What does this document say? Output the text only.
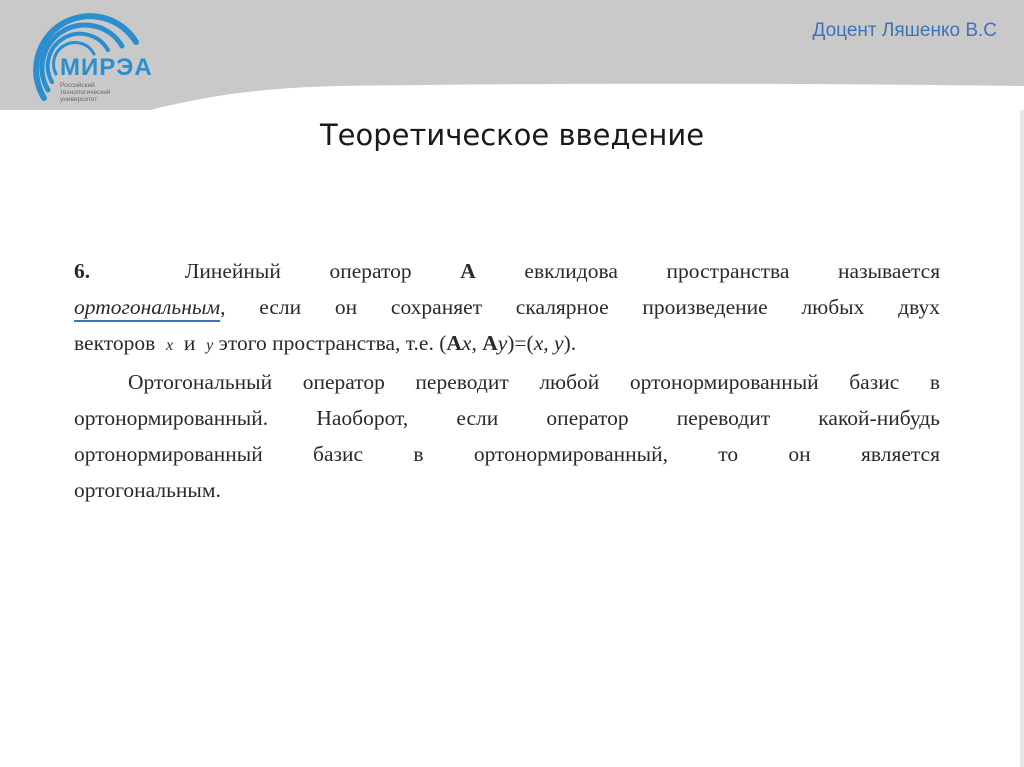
МИРЭА
Российский
технологический
университет
Доцент Ляшенко В.С
Теоретическое введение

6.	Линейный оператор А евклидова пространства называется

ортогональным, если он сохраняет скалярное произведение любых двух

векторов x и y этого пространства, т.е. (Аx, Аy)=(x, y).

Ортогональный оператор переводит любой ортонормированный базис в

ортонормированный. Наоборот, если оператор переводит какой-нибудь

ортонормированный базис в ортонормированный, то он является

ортогональным.
